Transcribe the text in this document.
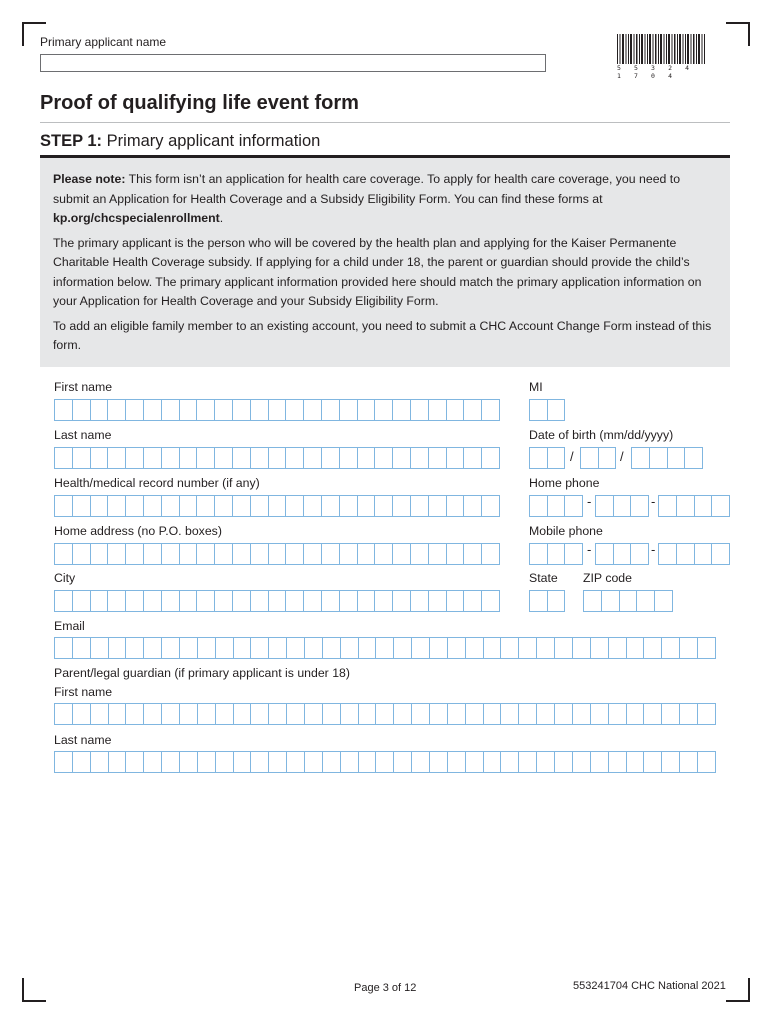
Primary applicant name
5 5 3 2 4 1 7 0 4
Proof of qualifying life event form
STEP 1: Primary applicant information

Please note: This form isn’t an application for health care coverage. To apply for health care coverage, you need to submit an Application for Health Coverage and a Subsidy Eligibility Form. You can find these forms at kp.org/chcspecialenrollment.

The primary applicant is the person who will be covered by the health plan and applying for the Kaiser Permanente Charitable Health Coverage subsidy. If applying for a child under 18, the parent or guardian should provide the child’s information below. The primary applicant information provided here should match the primary application information on your Application for Health Coverage and your Subsidy Eligibility Form.

To add an eligible family member to an existing account, you need to submit a CHC Account Change Form instead of this form.

First name	MI
Last name	Date of birth (mm/dd/yyyy)
/	/
Health/medical record number (if any)	Home phone
-	-
Home address (no P.O. boxes)	Mobile phone
-	-
City	State ZIP code
Email
Parent/legal guardian (if primary applicant is under 18)
First name
Last name
Page 3 of 12	553241704 CHC National 2021
